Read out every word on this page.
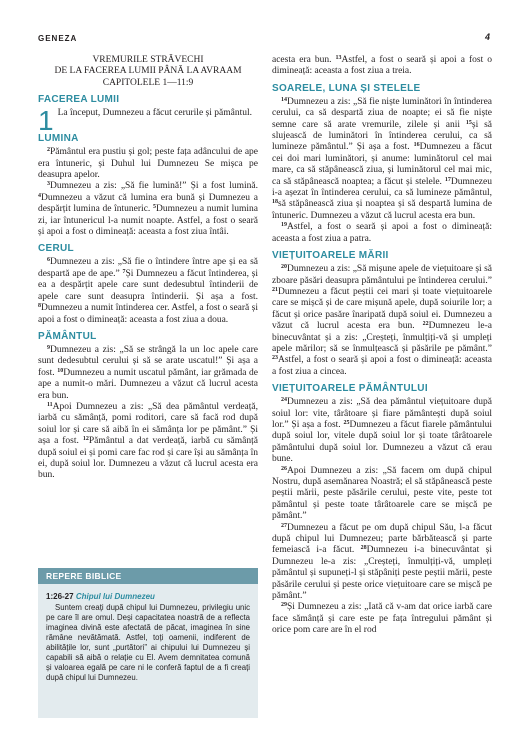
GENEZA	4
VREMURILE STRĂVECHI
DE LA FACEREA LUMII PÂNĂ LA AVRAAM
CAPITOLELE 1—11:9
FACEREA LUMII

1 La început, Dumnezeu a făcut cerurile și pământul.

LUMINA

$^2$Pământul era pustiu și gol; peste fața adâncului de ape era întuneric, și Duhul lui Dumnezeu Se mișca pe deasupra apelor.

$^3$Dumnezeu a zis: „Să fie lumină!” Și a fost lumină. $^4$Dumnezeu a văzut că lumina era bună și Dumnezeu a despărțit lumina de întuneric. $^5$Dumnezeu a numit lumina zi, iar întunericul l-a numit noapte. Astfel, a fost o seară și apoi a fost o dimineață: aceasta a fost ziua întâi.

CERUL

$^6$Dumnezeu a zis: „Să fie o întindere între ape și ea să despartă ape de ape.” $^7$Și Dumnezeu a făcut întinderea, și ea a despărțit apele care sunt dedesubtul întinderii de apele care sunt deasupra întinderii. Și așa a fost. $^8$Dumnezeu a numit întinderea cer. Astfel, a fost o seară și apoi a fost o dimineață: aceasta a fost ziua a doua.

PĂMÂNTUL

$^9$Dumnezeu a zis: „Să se strângă la un loc apele care sunt dedesubtul cerului și să se arate uscatul!” Și așa a fost. $^{10}$Dumnezeu a numit uscatul pământ, iar grămada de ape a numit-o mări. Dumnezeu a văzut că lucrul acesta era bun.

$^{11}$Apoi Dumnezeu a zis: „Să dea pământul verdeață, iarbă cu sămânță, pomi roditori, care să facă rod după soiul lor și care să aibă în ei sămânța lor pe pământ.” Și așa a fost. $^{12}$Pământul a dat verdeață, iarbă cu sămânță după soiul ei și pomi care fac rod și care își au sămânța în ei, după soiul lor. Dumnezeu a văzut că lucrul acesta era bun.

REPERE BIBLICE
1:26-27 Chipul lui Dumnezeu

Suntem creați după chipul lui Dumnezeu, privilegiu unic pe care îl are omul. Deși capacitatea noastră de a reflecta imaginea divină este afectată de păcat, imaginea în sine rămâne nevătămată. Astfel, toți oamenii, indiferent de abilitățile lor, sunt „purtători” ai chipului lui Dumnezeu și capabili să aibă o relație cu El. Avem demnitatea comună și valoarea egală pe care ni le conferă faptul de a fi creați după chipul lui Dumnezeu.

acesta era bun. $^{13}$Astfel, a fost o seară și apoi a fost o dimineață: aceasta a fost ziua a treia.

SOARELE, LUNA ȘI STELELE

$^{14}$Dumnezeu a zis: „Să fie niște luminători în întinderea cerului, ca să despartă ziua de noapte; ei să fie niște semne care să arate vremurile, zilele și anii $^{15}$și să slujească de luminători în întinderea cerului, ca să lumineze pământul.” Și așa a fost. $^{16}$Dumnezeu a făcut cei doi mari luminători, și anume: luminătorul cel mai mare, ca să stăpânească ziua, și luminătorul cel mai mic, ca să stăpânească noaptea; a făcut și stelele. $^{17}$Dumnezeu i-a așezat în întinderea cerului, ca să lumineze pământul, $^{18}$să stăpânească ziua și noaptea și să despartă lumina de întuneric. Dumnezeu a văzut că lucrul acesta era bun.

$^{19}$Astfel, a fost o seară și apoi a fost o dimineață: aceasta a fost ziua a patra.

VIEȚUITOARELE MĂRII

$^{20}$Dumnezeu a zis: „Să mișune apele de viețuitoare și să zboare păsări deasupra pământului pe întinderea cerului.” $^{21}$Dumnezeu a făcut peștii cei mari și toate viețuitoarele care se mișcă și de care mișună apele, după soiurile lor; a făcut și orice pasăre înaripată după soiul ei. Dumnezeu a văzut că lucrul acesta era bun. $^{22}$Dumnezeu le-a binecuvântat și a zis: „Creșteți, înmulțiți-vă și umpleți apele mărilor; să se înmulțească și păsările pe pământ.” $^{23}$Astfel, a fost o seară și apoi a fost o dimineață: aceasta a fost ziua a cincea.

VIEȚUITOARELE PĂMÂNTULUI

$^{24}$Dumnezeu a zis: „Să dea pământul viețuitoare după soiul lor: vite, târâtoare și fiare pământești după soiul lor.” Și așa a fost. $^{25}$Dumnezeu a făcut fiarele pământului după soiul lor, vitele după soiul lor și toate târâtoarele pământului după soiul lor. Dumnezeu a văzut că erau bune.

$^{26}$Apoi Dumnezeu a zis: „Să facem om după chipul Nostru, după asemănarea Noastră; el să stăpânească peste peștii mării, peste păsările cerului, peste vite, peste tot pământul și peste toate târâtoarele care se mișcă pe pământ.”

$^{27}$Dumnezeu a făcut pe om după chipul Său, l-a făcut după chipul lui Dumnezeu; parte bărbătească și parte femeiască i-a făcut. $^{28}$Dumnezeu i-a binecuvântat și Dumnezeu le-a zis: „Creșteți, înmulțiți-vă, umpleți pământul și supuneți-l și stăpâniți peste peștii mării, peste păsările cerului și peste orice viețuitoare care se mișcă pe pământ.”

$^{29}$Și Dumnezeu a zis: „Iată că v-am dat orice iarbă care face sămânță și care este pe fața întregului pământ și orice pom care are în el rod
